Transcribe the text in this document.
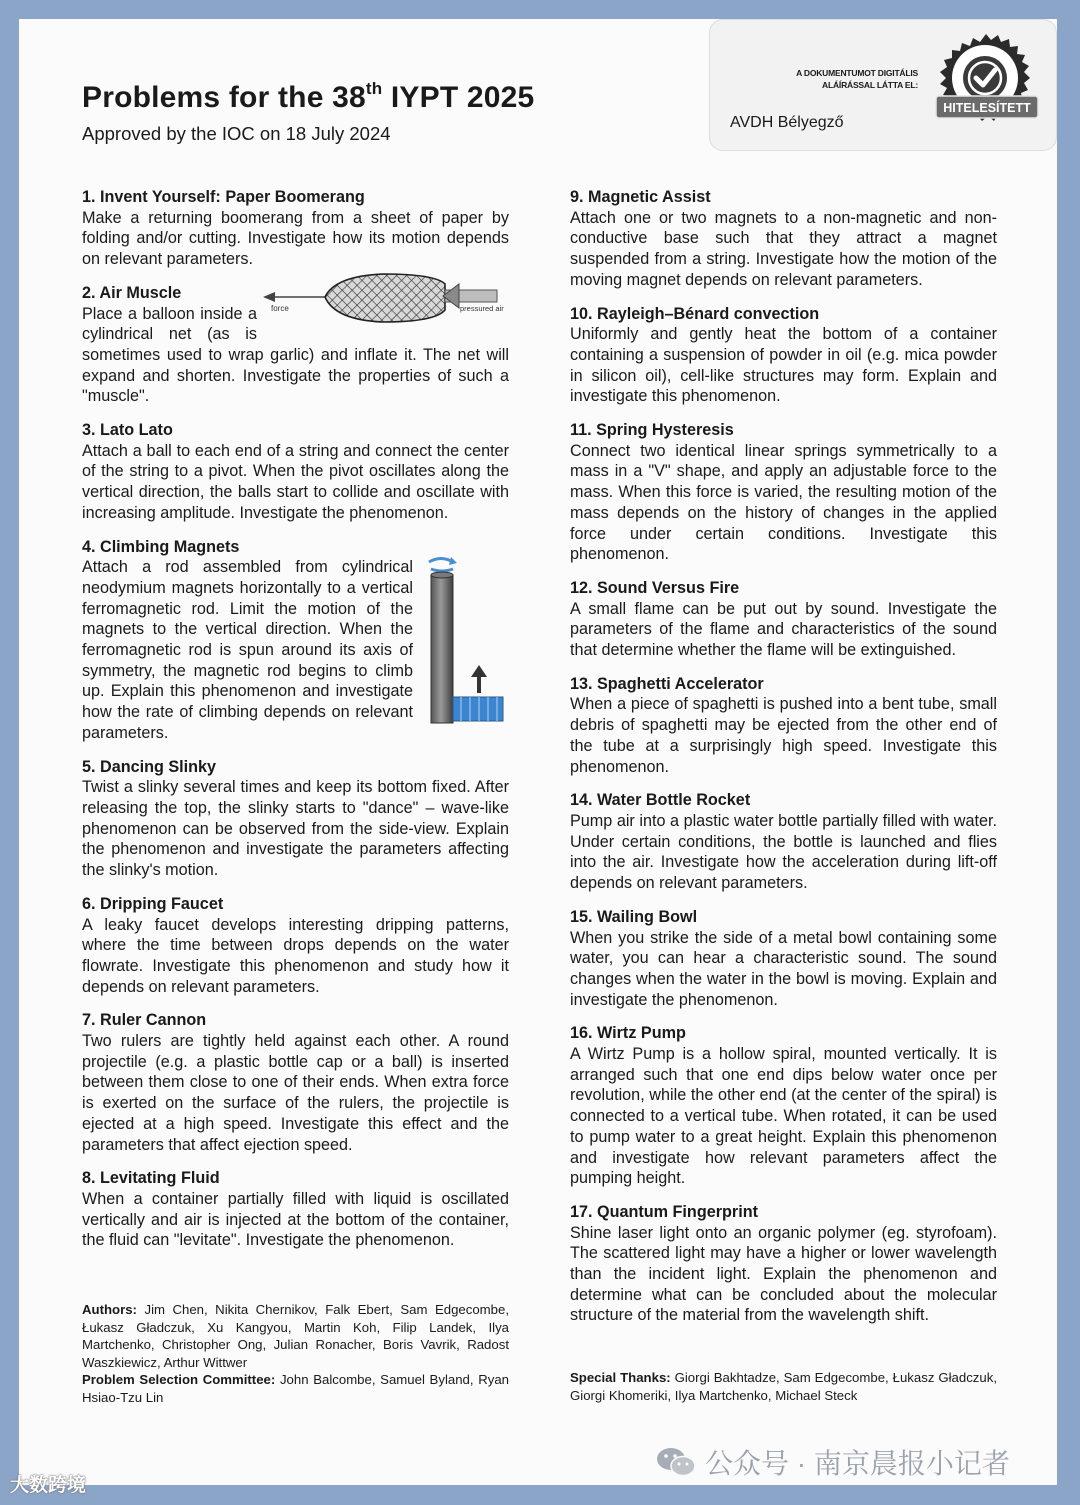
Problems for the 38th IYPT 2025
Approved by the IOC on 18 July 2024
A DOKUMENTUMOT DIGITÁLIS
ALÁÍRÁSSAL LÁTTA EL:
AVDH Bélyegző
HITELESÍTETT
1. Invent Yourself: Paper Boomerang

Make a returning boomerang from a sheet of paper by folding and/or cutting. Investigate how its motion depends on relevant parameters.

force	pressured air
2. Air Muscle

Place a balloon inside a cylindrical net (as is sometimes used to wrap garlic) and inflate it. The net will expand and shorten. Investigate the properties of such a "muscle".

3. Lato Lato

Attach a ball to each end of a string and connect the center of the string to a pivot. When the pivot oscillates along the vertical direction, the balls start to collide and oscillate with increasing amplitude. Investigate the phenomenon.

4. Climbing Magnets

Attach a rod assembled from cylindrical neodymium magnets horizontally to a vertical ferromagnetic rod. Limit the motion of the magnets to the vertical direction. When the ferromagnetic rod is spun around its axis of symmetry, the magnetic rod begins to climb up. Explain this phenomenon and investigate how the rate of climbing depends on relevant parameters.

5. Dancing Slinky

Twist a slinky several times and keep its bottom fixed. After releasing the top, the slinky starts to "dance" – wave-like phenomenon can be observed from the side-view. Explain the phenomenon and investigate the parameters affecting the slinky's motion.

6. Dripping Faucet

A leaky faucet develops interesting dripping patterns, where the time between drops depends on the water flowrate. Investigate this phenomenon and study how it depends on relevant parameters.

7. Ruler Cannon

Two rulers are tightly held against each other. A round projectile (e.g. a plastic bottle cap or a ball) is inserted between them close to one of their ends. When extra force is exerted on the surface of the rulers, the projectile is ejected at a high speed. Investigate this effect and the parameters that affect ejection speed.

8. Levitating Fluid

When a container partially filled with liquid is oscillated vertically and air is injected at the bottom of the container, the fluid can "levitate". Investigate the phenomenon.

9. Magnetic Assist

Attach one or two magnets to a non-magnetic and non-conductive base such that they attract a magnet suspended from a string. Investigate how the motion of the moving magnet depends on relevant parameters.

10. Rayleigh–Bénard convection

Uniformly and gently heat the bottom of a container containing a suspension of powder in oil (e.g. mica powder in silicon oil), cell-like structures may form. Explain and investigate this phenomenon.

11. Spring Hysteresis

Connect two identical linear springs symmetrically to a mass in a "V" shape, and apply an adjustable force to the mass. When this force is varied, the resulting motion of the mass depends on the history of changes in the applied force under certain conditions. Investigate this phenomenon.

12. Sound Versus Fire

A small flame can be put out by sound. Investigate the parameters of the flame and characteristics of the sound that determine whether the flame will be extinguished.

13. Spaghetti Accelerator

When a piece of spaghetti is pushed into a bent tube, small debris of spaghetti may be ejected from the other end of the tube at a surprisingly high speed. Investigate this phenomenon.

14. Water Bottle Rocket

Pump air into a plastic water bottle partially filled with water. Under certain conditions, the bottle is launched and flies into the air. Investigate how the acceleration during lift-off depends on relevant parameters.

15. Wailing Bowl

When you strike the side of a metal bowl containing some water, you can hear a characteristic sound. The sound changes when the water in the bowl is moving. Explain and investigate the phenomenon.

16. Wirtz Pump

A Wirtz Pump is a hollow spiral, mounted vertically. It is arranged such that one end dips below water once per revolution, while the other end (at the center of the spiral) is connected to a vertical tube. When rotated, it can be used to pump water to a great height. Explain this phenomenon and investigate how relevant parameters affect the pumping height.

17. Quantum Fingerprint

Shine laser light onto an organic polymer (eg. styrofoam). The scattered light may have a higher or lower wavelength than the incident light. Explain the phenomenon and determine what can be concluded about the molecular structure of the material from the wavelength shift.

Authors: Jim Chen, Nikita Chernikov, Falk Ebert, Sam Edgecombe, Łukasz Gładczuk, Xu Kangyou, Martin Koh, Filip Landek, Ilya Martchenko, Christopher Ong, Julian Ronacher, Boris Vavrik, Radost Waszkiewicz, Arthur Wittwer

Problem Selection Committee: John Balcombe, Samuel Byland, Ryan Hsiao-Tzu Lin

Special Thanks: Giorgi Bakhtadze, Sam Edgecombe, Łukasz Gładczuk, Giorgi Khomeriki, Ilya Martchenko, Michael Steck

公众号 · 南京晨报小记者
大数跨境
